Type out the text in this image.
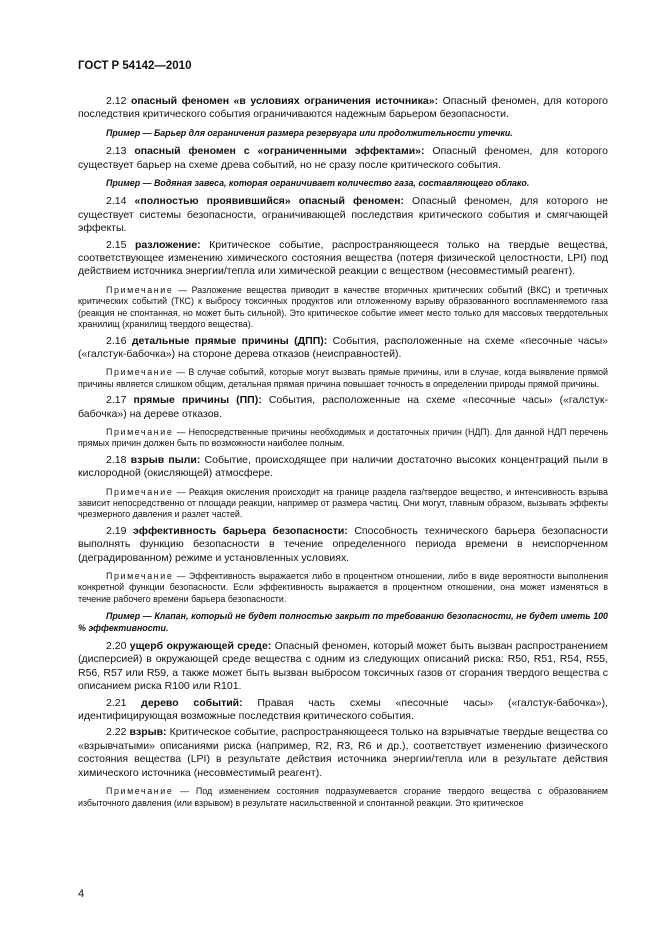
ГОСТ Р 54142—2010

2.12 опасный феномен «в условиях ограничения источника»: Опасный феномен, для которого последствия критического события ограничиваются надежным барьером безопасности.

Пример — Барьер для ограничения размера резервуара или продолжительности утечки.

2.13 опасный феномен с «ограниченными эффектами»: Опасный феномен, для которого существует барьер на схеме древа событий, но не сразу после критического события.

Пример — Водяная завеса, которая ограничивает количество газа, составляющего облако.

2.14 «полностью проявившийся» опасный феномен: Опасный феномен, для которого не существует системы безопасности, ограничивающей последствия критического события и смягчающей эффекты.

2.15 разложение: Критическое событие, распространяющееся только на твердые вещества, соответствующее изменению химического состояния вещества (потеря физической целостности, LPI) под действием источника энергии/тепла или химической реакции с веществом (несовместимый реагент).

Примечание — Разложение вещества приводит в качестве вторичных критических событий (ВКС) и третичных критических событий (ТКС) к выбросу токсичных продуктов или отложенному взрыву образованного воспламеняемого газа (реакция не спонтанная, но может быть сильной). Это критическое событие имеет место только для массовых твердотельных хранилищ (хранилищ твердого вещества).

2.16 детальные прямые причины (ДПП): События, расположенные на схеме «песочные часы» («галстук-бабочка») на стороне дерева отказов (неисправностей).

Примечание — В случае событий, которые могут вызвать прямые причины, или в случае, когда выявление прямой причины является слишком общим, детальная прямая причина повышает точность в определении природы прямой причины.

2.17 прямые причины (ПП): События, расположенные на схеме «песочные часы» («галстук-бабочка») на дереве отказов.

Примечание — Непосредственные причины необходимых и достаточных причин (НДП). Для данной НДП перечень прямых причин должен быть по возможности наиболее полным.

2.18 взрыв пыли: Событие, происходящее при наличии достаточно высоких концентраций пыли в кислородной (окисляющей) атмосфере.

Примечание — Реакция окисления происходит на границе раздела газ/твердое вещество, и интенсивность взрыва зависит непосредственно от площади реакции, например от размера частиц. Они могут, главным образом, вызывать эффекты чрезмерного давления и разлет частей.

2.19 эффективность барьера безопасности: Способность технического барьера безопасности выполнять функцию безопасности в течение определенного периода времени в неиспорченном (деградированном) режиме и установленных условиях.

Примечание — Эффективность выражается либо в процентном отношении, либо в виде вероятности выполнения конкретной функции безопасности. Если эффективность выражается в процентном отношении, она может изменяться в течение рабочего времени барьера безопасности.

Пример — Клапан, который не будет полностью закрыт по требованию безопасности, не будет иметь 100 % эффективности.

2.20 ущерб окружающей среде: Опасный феномен, который может быть вызван распространением (дисперсией) в окружающей среде вещества с одним из следующих описаний риска: R50, R51, R54, R55, R56, R57 или R59, а также может быть вызван выбросом токсичных газов от сгорания твердого вещества с описанием риска R100 или R101.

2.21 дерево событий: Правая часть схемы «песочные часы» («галстук-бабочка»), идентифицирующая возможные последствия критического события.

2.22 взрыв: Критическое событие, распространяющееся только на взрывчатые твердые вещества со «взрывчатыми» описаниями риска (например, R2, R3, R6 и др.), соответствует изменению физического состояния вещества (LPI) в результате действия источника энергии/тепла или в результате действия химического источника (несовместимый реагент).

Примечание — Под изменением состояния подразумевается сгорание твердого вещества с образованием избыточного давления (или взрывом) в результате насильственной и спонтанной реакции. Это критическое

4
